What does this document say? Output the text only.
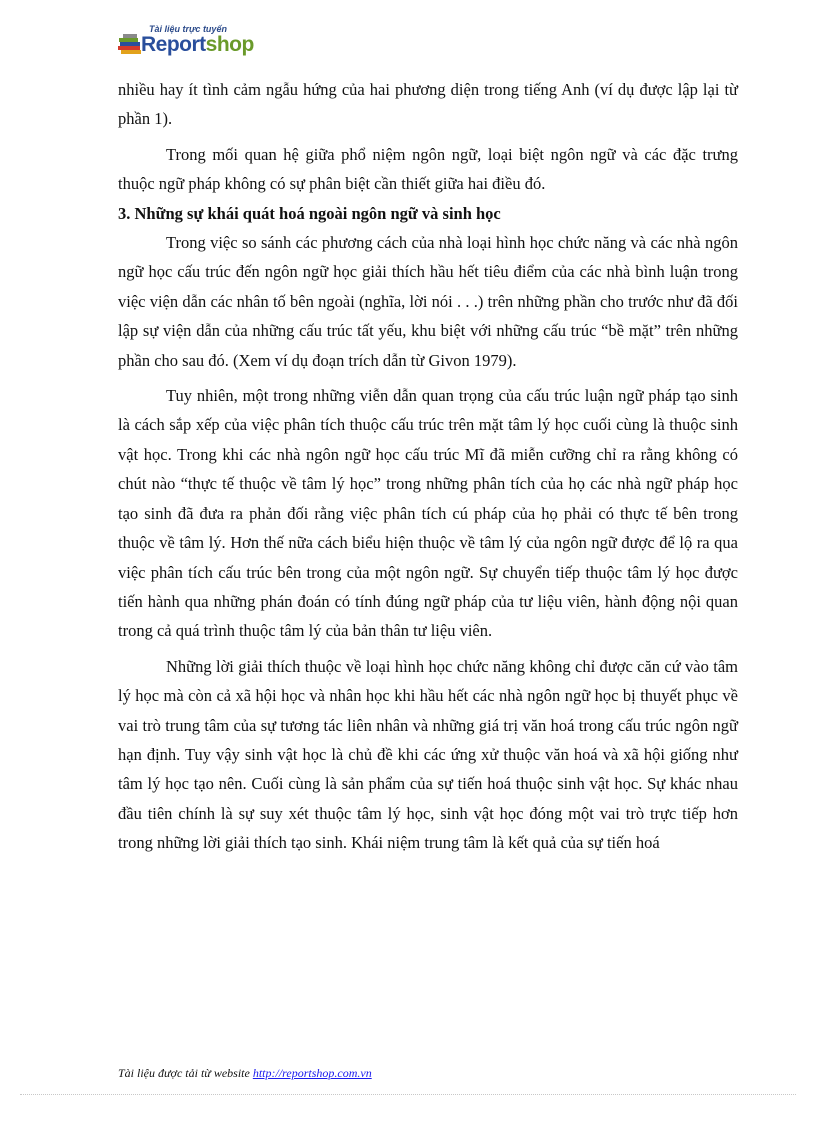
Tài liệu trực tuyến
Reportshop

nhiều hay ít tình cảm ngẫu hứng của hai phương diện trong tiếng Anh (ví dụ được lập lại từ phần 1).

Trong mối quan hệ giữa phổ niệm ngôn ngữ, loại biệt ngôn ngữ và các đặc trưng thuộc ngữ pháp không có sự phân biệt cần thiết giữa hai điều đó.

3. Những sự khái quát hoá ngoài ngôn ngữ và sinh học

Trong việc so sánh các phương cách của nhà loại hình học chức năng và các nhà ngôn ngữ học cấu trúc đến ngôn ngữ học giải thích hầu hết tiêu điểm của các nhà bình luận trong việc viện dẫn các nhân tố bên ngoài (nghĩa, lời nói . . .) trên những phần cho trước như đã đối lập sự viện dẫn của những cấu trúc tất yếu, khu biệt với những cấu trúc “bề mặt” trên những phần cho sau đó. (Xem ví dụ đoạn trích dẫn từ Givon 1979).

Tuy nhiên, một trong những viễn dẫn quan trọng của cấu trúc luận ngữ pháp tạo sinh là cách sắp xếp của việc phân tích thuộc cấu trúc trên mặt tâm lý học cuối cùng là thuộc sinh vật học. Trong khi các nhà ngôn ngữ học cấu trúc Mĩ đã miễn cưỡng chỉ ra rằng không có chút nào “thực tế thuộc về tâm lý học” trong những phân tích của họ các nhà ngữ pháp học tạo sinh đã đưa ra phản đối rằng việc phân tích cú pháp của họ phải có thực tế bên trong thuộc về tâm lý. Hơn thế nữa cách biểu hiện thuộc về tâm lý của ngôn ngữ được để lộ ra qua việc phân tích cấu trúc bên trong của một ngôn ngữ. Sự chuyển tiếp thuộc tâm lý học được tiến hành qua những phán đoán có tính đúng ngữ pháp của tư liệu viên, hành động nội quan trong cả quá trình thuộc tâm lý của bản thân tư liệu viên.

Những lời giải thích thuộc về loại hình học chức năng không chỉ được căn cứ vào tâm lý học mà còn cả xã hội học và nhân học khi hầu hết các nhà ngôn ngữ học bị thuyết phục về vai trò trung tâm của sự tương tác liên nhân và những giá trị văn hoá trong cấu trúc ngôn ngữ hạn định. Tuy vậy sinh vật học là chủ đề khi các ứng xử thuộc văn hoá và xã hội giống như tâm lý học tạo nên. Cuối cùng là sản phẩm của sự tiến hoá thuộc sinh vật học. Sự khác nhau đầu tiên chính là sự suy xét thuộc tâm lý học, sinh vật học đóng một vai trò trực tiếp hơn trong những lời giải thích tạo sinh. Khái niệm trung tâm là kết quả của sự tiến hoá

Tài liệu được tải từ website http://reportshop.com.vn
